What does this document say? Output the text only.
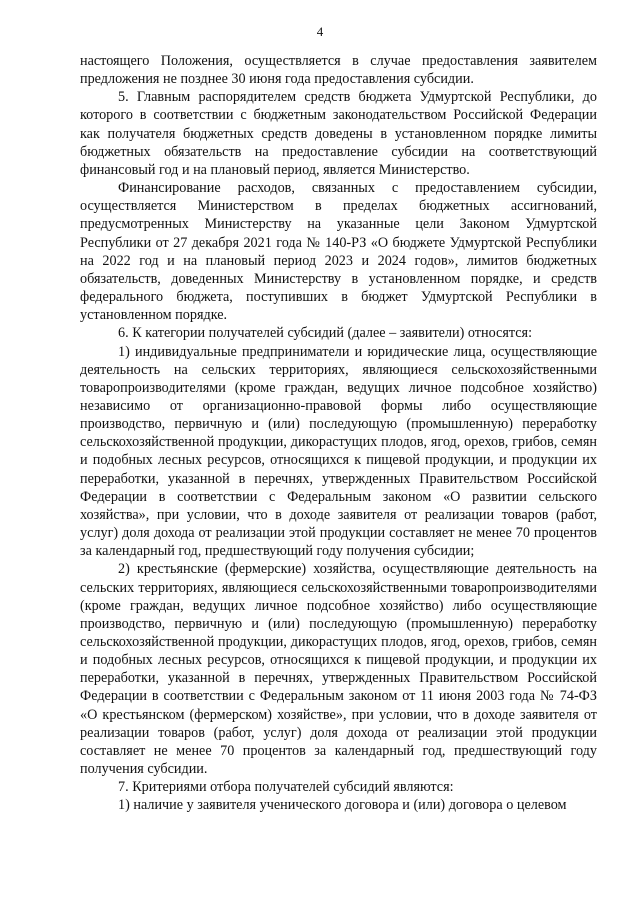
4

настоящего Положения, осуществляется в случае предоставления заявителем предложения не позднее 30 июня года предоставления субсидии.

5. Главным распорядителем средств бюджета Удмуртской Республики, до которого в соответствии с бюджетным законодательством Российской Федерации как получателя бюджетных средств доведены в установленном порядке лимиты бюджетных обязательств на предоставление субсидии на соответствующий финансовый год и на плановый период, является Министерство.

Финансирование расходов, связанных с предоставлением субсидии, осуществляется Министерством в пределах бюджетных ассигнований, предусмотренных Министерству на указанные цели Законом Удмуртской Республики от 27 декабря 2021 года № 140-РЗ «О бюджете Удмуртской Республики на 2022 год и на плановый период 2023 и 2024 годов», лимитов бюджетных обязательств, доведенных Министерству в установленном порядке, и средств федерального бюджета, поступивших в бюджет Удмуртской Республики в установленном порядке.

6. К категории получателей субсидий (далее – заявители) относятся:

1) индивидуальные предприниматели и юридические лица, осуществляющие деятельность на сельских территориях, являющиеся сельскохозяйственными товаропроизводителями (кроме граждан, ведущих личное подсобное хозяйство) независимо от организационно-правовой формы либо осуществляющие производство, первичную и (или) последующую (промышленную) переработку сельскохозяйственной продукции, дикорастущих плодов, ягод, орехов, грибов, семян и подобных лесных ресурсов, относящихся к пищевой продукции, и продукции их переработки, указанной в перечнях, утвержденных Правительством Российской Федерации в соответствии с Федеральным законом «О развитии сельского хозяйства», при условии, что в доходе заявителя от реализации товаров (работ, услуг) доля дохода от реализации этой продукции составляет не менее 70 процентов за календарный год, предшествующий году получения субсидии;

2) крестьянские (фермерские) хозяйства, осуществляющие деятельность на сельских территориях, являющиеся сельскохозяйственными товаропроизводителями (кроме граждан, ведущих личное подсобное хозяйство) либо осуществляющие производство, первичную и (или) последующую (промышленную) переработку сельскохозяйственной продукции, дикорастущих плодов, ягод, орехов, грибов, семян и подобных лесных ресурсов, относящихся к пищевой продукции, и продукции их переработки, указанной в перечнях, утвержденных Правительством Российской Федерации в соответствии с Федеральным законом от 11 июня 2003 года № 74-ФЗ «О крестьянском (фермерском) хозяйстве», при условии, что в доходе заявителя от реализации товаров (работ, услуг) доля дохода от реализации этой продукции составляет не менее 70 процентов за календарный год, предшествующий году получения субсидии.

7. Критериями отбора получателей субсидий являются:

1) наличие у заявителя ученического договора и (или) договора о целевом
